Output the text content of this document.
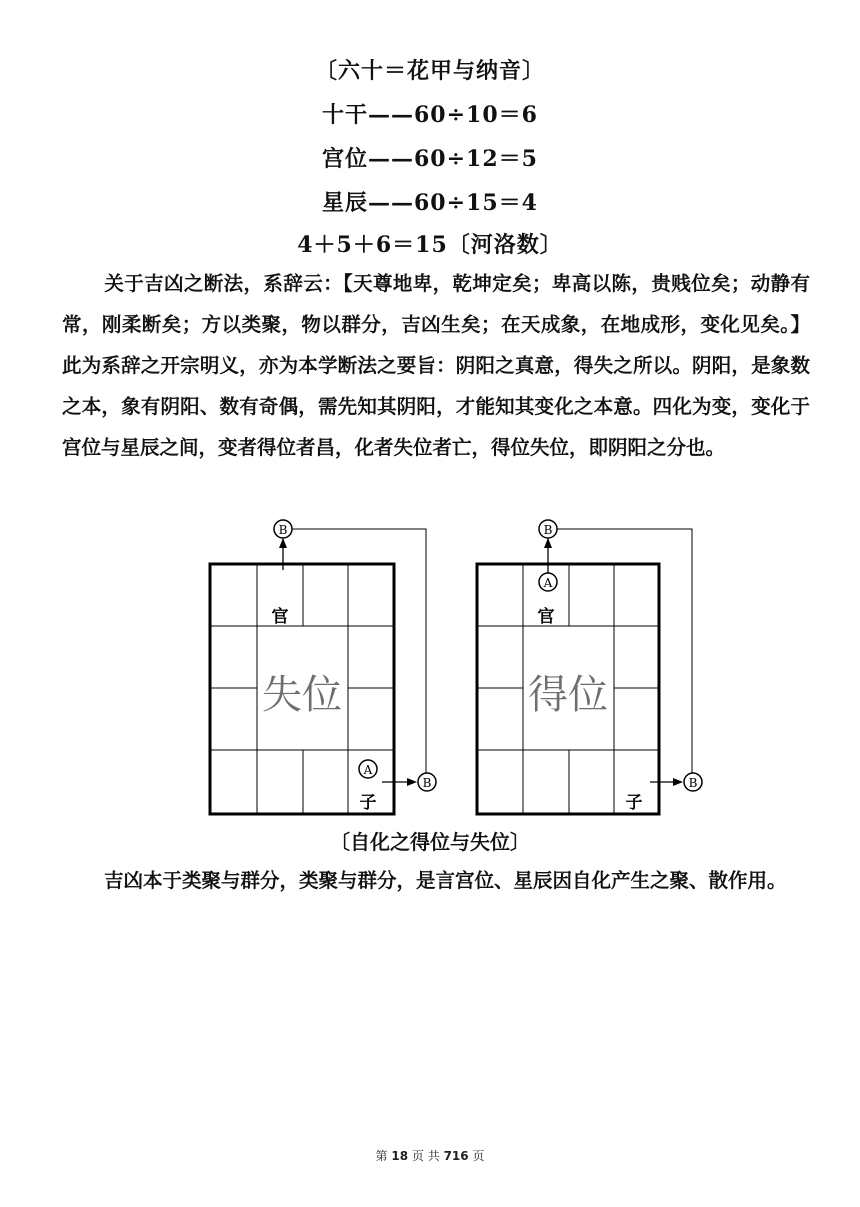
〔六十＝花甲与纳音〕
十干——60÷10＝6
宫位——60÷12＝5
星辰——60÷15＝4
4＋5＋6＝15〔河洛数〕
关于吉凶之断法，系辞云：【天尊地卑，乾坤定矣；卑高以陈，贵贱位矣；动静有常，刚柔断矣；方以类聚，物以群分，吉凶生矣；在天成象，在地成形，变化见矣。】此为系辞之开宗明义，亦为本学断法之要旨：阴阳之真意，得失之所以。阴阳，是象数之本，象有阴阳、数有奇偶，需先知其阴阳，才能知其变化之本意。四化为变，变化于宫位与星辰之间，变者得位者昌，化者失位者亡，得位失位，即阴阳之分也。
失位
官
子
B
A
B
得位
官
子
A
B
B
〔自化之得位与失位〕
吉凶本于类聚与群分，类聚与群分，是言宫位、星辰因自化产生之聚、散作用。
第 18 页 共 716 页
